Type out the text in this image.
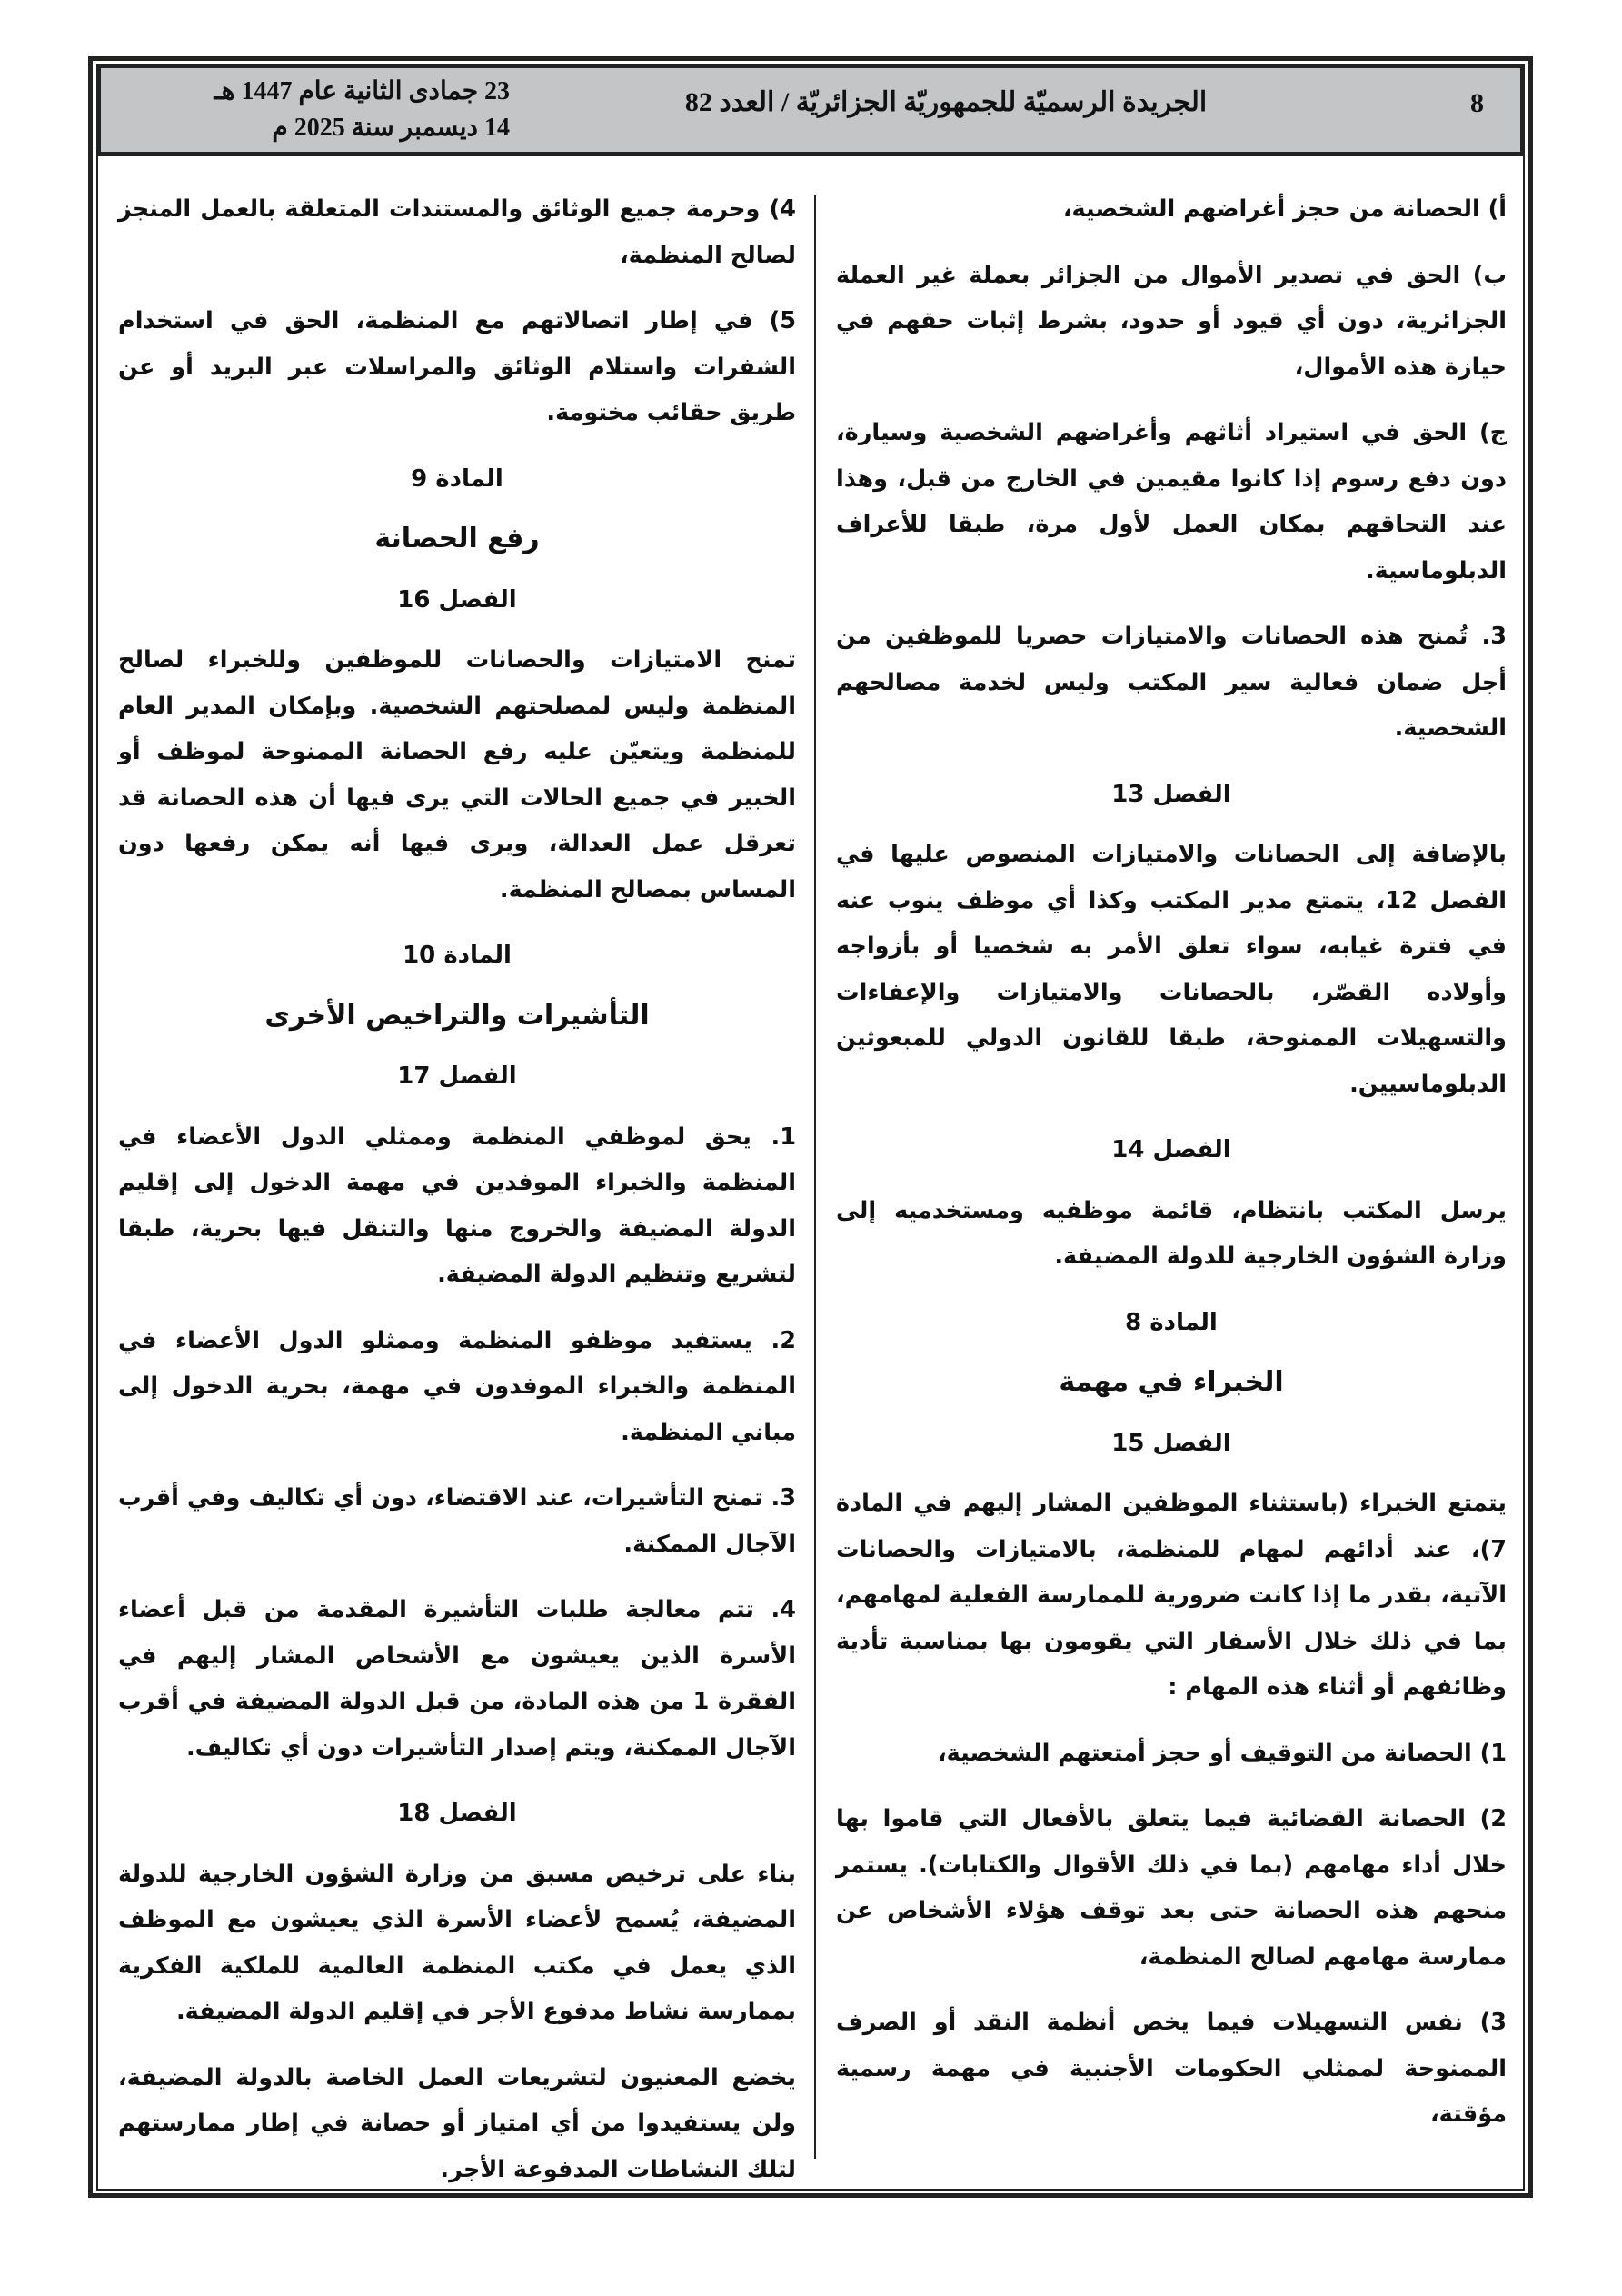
8
الجريدة الرسميّة للجمهوريّة الجزائريّة / العدد 82
23 جمادى الثانية عام 1447 هـ
14 ديسمبر سنة 2025 م
أ) الحصانة من حجز أغراضهم الشخصية،
ب) الحق في تصدير الأموال من الجزائر بعملة غير العملة الجزائرية، دون أي قيود أو حدود، بشرط إثبات حقهم في حيازة هذه الأموال،
ج) الحق في استيراد أثاثهم وأغراضهم الشخصية وسيارة، دون دفع رسوم إذا كانوا مقيمين في الخارج من قبل، وهذا عند التحاقهم بمكان العمل لأول مرة، طبقا للأعراف الدبلوماسية.
3. تُمنح هذه الحصانات والامتيازات حصريا للموظفين من أجل ضمان فعالية سير المكتب وليس لخدمة مصالحهم الشخصية.
الفصل 13
بالإضافة إلى الحصانات والامتيازات المنصوص عليها في الفصل 12، يتمتع مدير المكتب وكذا أي موظف ينوب عنه في فترة غيابه، سواء تعلق الأمر به شخصيا أو بأزواجه وأولاده القصّر، بالحصانات والامتيازات والإعفاءات والتسهيلات الممنوحة، طبقا للقانون الدولي للمبعوثين الدبلوماسيين.
الفصل 14
يرسل المكتب بانتظام، قائمة موظفيه ومستخدميه إلى وزارة الشؤون الخارجية للدولة المضيفة.
المادة 8
الخبراء في مهمة
الفصل 15
يتمتع الخبراء (باستثناء الموظفين المشار إليهم في المادة 7)، عند أدائهم لمهام للمنظمة، بالامتيازات والحصانات الآتية، بقدر ما إذا كانت ضرورية للممارسة الفعلية لمهامهم، بما في ذلك خلال الأسفار التي يقومون بها بمناسبة تأدية وظائفهم أو أثناء هذه المهام :
1) الحصانة من التوقيف أو حجز أمتعتهم الشخصية،
2) الحصانة القضائية فيما يتعلق بالأفعال التي قاموا بها خلال أداء مهامهم (بما في ذلك الأقوال والكتابات). يستمر منحهم هذه الحصانة حتى بعد توقف هؤلاء الأشخاص عن ممارسة مهامهم لصالح المنظمة،
3) نفس التسهيلات فيما يخص أنظمة النقد أو الصرف الممنوحة لممثلي الحكومات الأجنبية في مهمة رسمية مؤقتة،
4) وحرمة جميع الوثائق والمستندات المتعلقة بالعمل المنجز لصالح المنظمة،
5) في إطار اتصالاتهم مع المنظمة، الحق في استخدام الشفرات واستلام الوثائق والمراسلات عبر البريد أو عن طريق حقائب مختومة.
المادة 9
رفع الحصانة
الفصل 16
تمنح الامتيازات والحصانات للموظفين وللخبراء لصالح المنظمة وليس لمصلحتهم الشخصية. وبإمكان المدير العام للمنظمة ويتعيّن عليه رفع الحصانة الممنوحة لموظف أو الخبير في جميع الحالات التي يرى فيها أن هذه الحصانة قد تعرقل عمل العدالة، ويرى فيها أنه يمكن رفعها دون المساس بمصالح المنظمة.
المادة 10
التأشيرات والتراخيص الأخرى
الفصل 17
1. يحق لموظفي المنظمة وممثلي الدول الأعضاء في المنظمة والخبراء الموفدين في مهمة الدخول إلى إقليم الدولة المضيفة والخروج منها والتنقل فيها بحرية، طبقا لتشريع وتنظيم الدولة المضيفة.
2. يستفيد موظفو المنظمة وممثلو الدول الأعضاء في المنظمة والخبراء الموفدون في مهمة، بحرية الدخول إلى مباني المنظمة.
3. تمنح التأشيرات، عند الاقتضاء، دون أي تكاليف وفي أقرب الآجال الممكنة.
4. تتم معالجة طلبات التأشيرة المقدمة من قبل أعضاء الأسرة الذين يعيشون مع الأشخاص المشار إليهم في الفقرة 1 من هذه المادة، من قبل الدولة المضيفة في أقرب الآجال الممكنة، ويتم إصدار التأشيرات دون أي تكاليف.
الفصل 18
بناء على ترخيص مسبق من وزارة الشؤون الخارجية للدولة المضيفة، يُسمح لأعضاء الأسرة الذي يعيشون مع الموظف الذي يعمل في مكتب المنظمة العالمية للملكية الفكرية بممارسة نشاط مدفوع الأجر في إقليم الدولة المضيفة.
يخضع المعنيون لتشريعات العمل الخاصة بالدولة المضيفة، ولن يستفيدوا من أي امتياز أو حصانة في إطار ممارستهم لتلك النشاطات المدفوعة الأجر.
